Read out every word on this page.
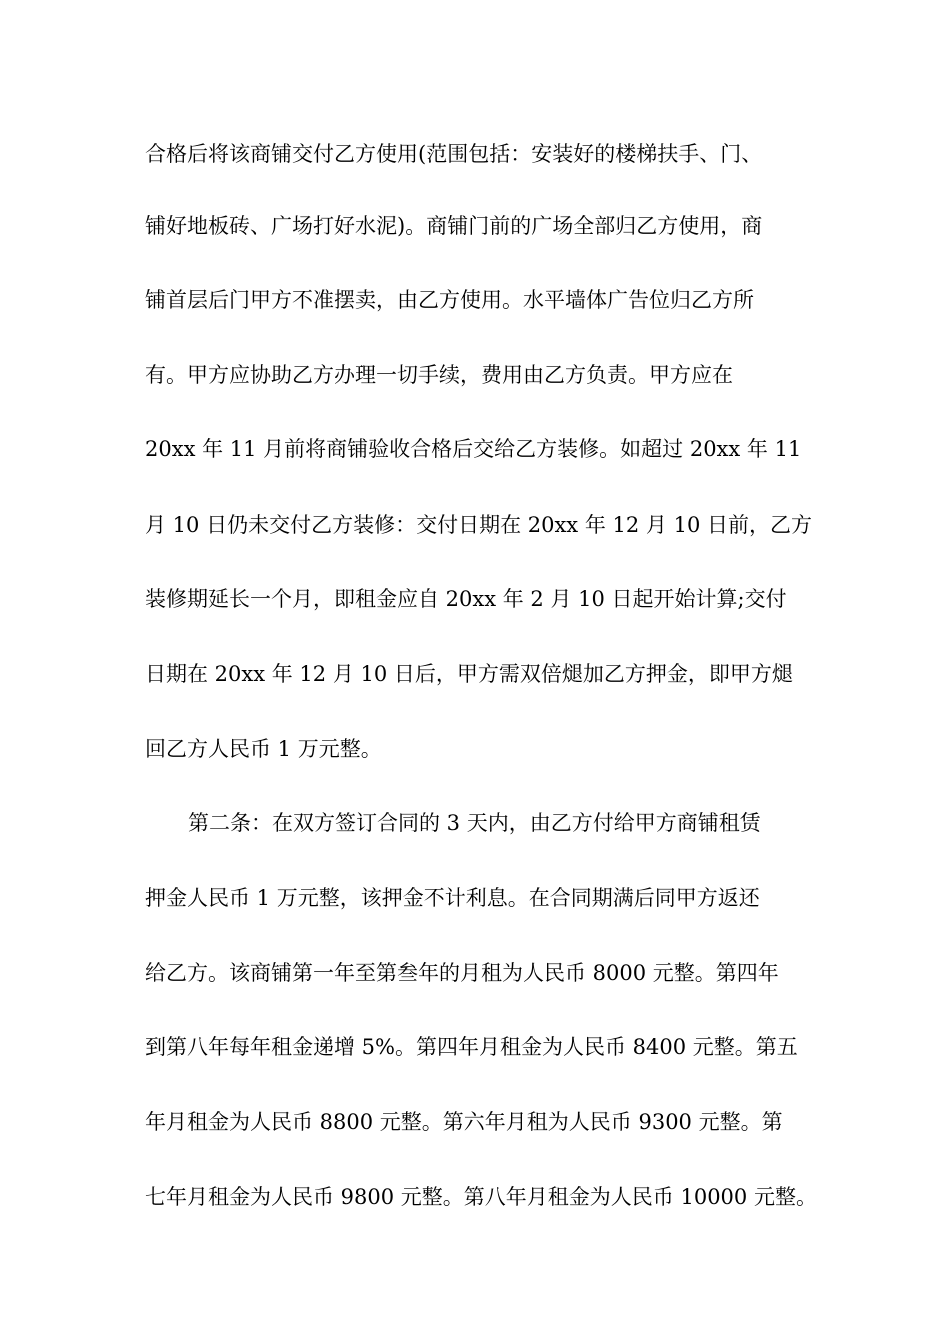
合格后将该商铺交付乙方使用(范围包括：安装好的楼梯扶手、门、
铺好地板砖、广场打好水泥)。商铺门前的广场全部归乙方使用，商
铺首层后门甲方不准摆卖，由乙方使用。水平墙体广告位归乙方所
有。甲方应协助乙方办理一切手续，费用由乙方负责。甲方应在
20xx 年 11 月前将商铺验收合格后交给乙方装修。如超过 20xx 年 11
月 10 日仍未交付乙方装修：交付日期在 20xx 年 12 月 10 日前，乙方
装修期延长一个月，即租金应自 20xx 年 2 月 10 日起开始计算;交付
日期在 20xx 年 12 月 10 日后，甲方需双倍煺加乙方押金，即甲方煺
回乙方人民币 1 万元整。
第二条：在双方签订合同的 3 天内，由乙方付给甲方商铺租赁
押金人民币 1 万元整，该押金不计利息。在合同期满后同甲方返还
给乙方。该商铺第一年至第叁年的月租为人民币 8000 元整。第四年
到第八年每年租金递增 5%。第四年月租金为人民币 8400 元整。第五
年月租金为人民币 8800 元整。第六年月租为人民币 9300 元整。第
七年月租金为人民币 9800 元整。第八年月租金为人民币 10000 元整。
